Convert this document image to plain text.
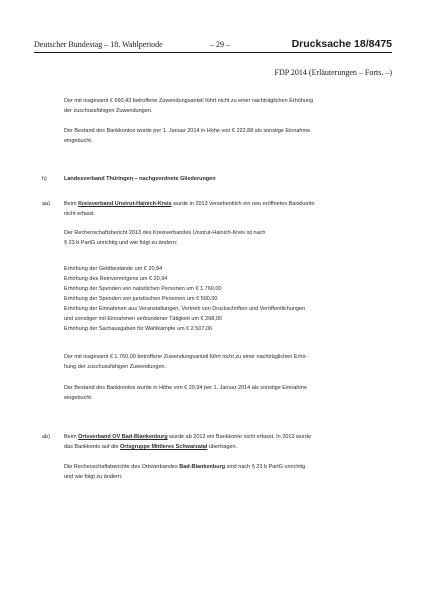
Deutscher Bundestag – 18. Wahlperiode	– 29 –	Drucksache 18/8475
FDP 2014 (Erläuterungen – Forts. –)
Der mit insgesamt € 660,43 betroffene Zuwendungsanteil führt nicht zu einer nachträglichen Erhöhung
der zuschussfähigen Zuwendungen.
Der Bestand des Bankkontos wurde per 1. Januar 2014 in Höhe von € 222,88 als sonstige Einnahme
eingebucht.
h)	Landesverband Thüringen – nachgeordnete Gliederungen
aa)	Beim Kreisverband Unstrut-Hainich-Kreis wurde in 2013 versehentlich ein neu eröffnetes Bankkonto
nicht erfasst.
Der Rechenschaftsbericht 2013 des Kreisverbandes Unstrut-Hainich-Kreis ist nach
§ 23 b PartG unrichtig und wie folgt zu ändern:
Erhöhung der Geldbestände um € 20,94
Erhöhung des Reinvermögens um € 20,94
Erhöhung der Spenden von natürlichen Personen um € 1.760,00
Erhöhung der Spenden von juristischen Personen um € 500,00
Erhöhung der Einnahmen aus Veranstaltungen, Vertrieb von Druckschriften und Veröffentlichungen
und sonstiger mit Einnahmen verbundener Tätigkeit um € 268,00
Erhöhung der Sachausgaben für Wahlkämpfe um € 2.507,06
Der mit insgesamt € 1.760,00 betroffene Zuwendungsanteil führt nicht zu einer nachträglichen Erhö-
hung der zuschussfähigen Zuwendungen.
Der Bestand des Bankkontos wurde in Höhe von € 20,94 per 1. Januar 2014 als sonstige Einnahme
eingebucht.
ab)	Beim Ortsverband OV Bad-Blankenburg wurde ab 2012 ein Bankkonto nicht erfasst. In 2013 wurde
das Bankkonto auf die Ortsgruppe Mittleres Schwarzatal übertragen.
Die Rechenschaftsberichte des Ortsverbandes Bad-Blankenburg sind nach § 23 b PartG unrichtig
und wie folgt zu ändern:
